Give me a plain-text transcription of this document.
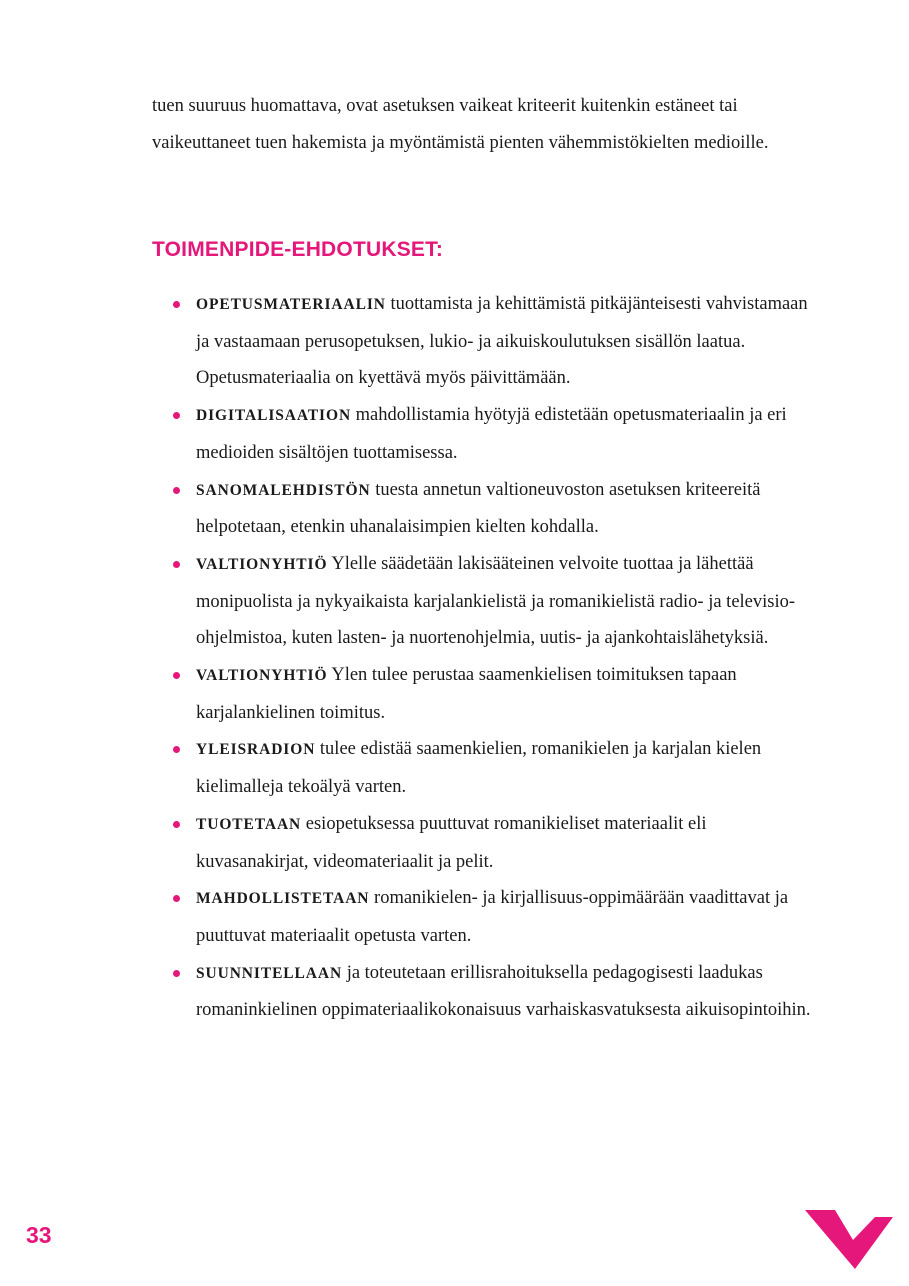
tuen suuruus huomattava, ovat asetuksen vaikeat kriteerit kuitenkin estäneet tai vaikeuttaneet tuen hakemista ja myöntämistä pienten vähemmistökielten medioille.

TOIMENPIDE-EHDOTUKSET:
OPETUSMATERIAALIN tuottamista ja kehittämistä pitkäjänteisesti vahvistamaan ja vastaamaan perusopetuksen, lukio- ja aikuiskoulutuksen sisällön laatua. Opetusmateriaalia on kyettävä myös päivittämään.
DIGITALISAATION mahdollistamia hyötyjä edistetään opetusmateriaalin ja eri medioiden sisältöjen tuottamisessa.
SANOMALEHDISTÖN tuesta annetun valtioneuvoston asetuksen kriteereitä helpotetaan, etenkin uhanalaisimpien kielten kohdalla.
VALTIONYHTIÖ Ylelle säädetään lakisääteinen velvoite tuottaa ja lähettää monipuolista ja nykyaikaista karjalankielistä ja romanikielistä radio- ja televisio-ohjelmistoa, kuten lasten- ja nuortenohjelmia, uutis- ja ajankohtaislähetyksiä.
VALTIONYHTIÖ Ylen tulee perustaa saamenkielisen toimituksen tapaan karjalankielinen toimitus.
YLEISRADION tulee edistää saamenkielien, romanikielen ja karjalan kielen kielimalleja tekoälyä varten.
TUOTETAAN esiopetuksessa puuttuvat romanikieliset materiaalit eli kuvasanakirjat, videomateriaalit ja pelit.
MAHDOLLISTETAAN romanikielen- ja kirjallisuus-oppimäärään vaadittavat ja puuttuvat materiaalit opetusta varten.
SUUNNITELLAAN ja toteutetaan erillisrahoituksella pedagogisesti laadukas romaninkielinen oppimateriaalikokonaisuus varhaiskasvatuksesta aikuisopintoihin.

33
